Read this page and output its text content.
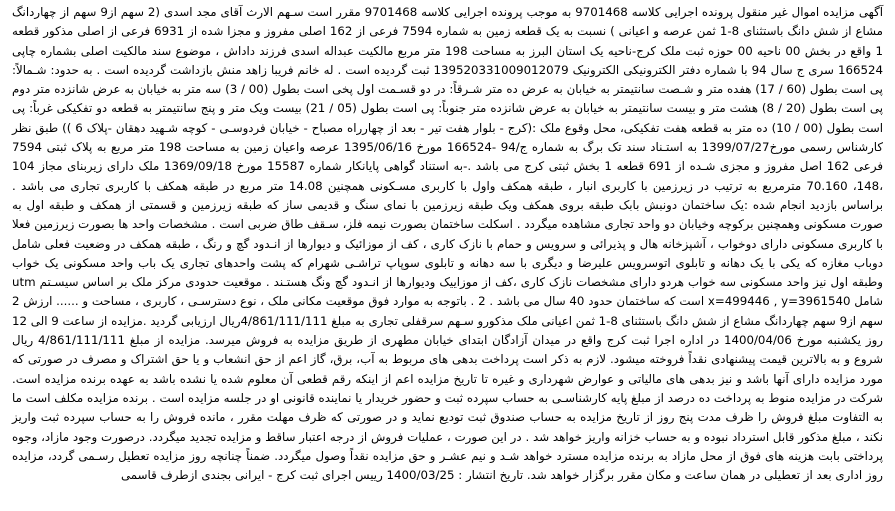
آگهی مزایده اموال غیر منقول پرونده اجرایی کلاسه 9701468 به موجب پرونده اجرایی کلاسه 9701468 مقرر است سـهم الارث آقای مجد اسدی (2 سهم از9 سهم از چهاردانگ مشاع از شش دانگ باستثنای 8-1 ثمن عرصه و اعیانی ) نسبت به یک قطعه زمین به شماره 7594 فرعی از 162 اصلی مفروز و مجزا شده از 6931 فرعی از اصلی مذکور قطعه 1 واقع در بخش 00 ناحیه 00 حوزه ثبت ملک کرج-ناحیه یک استان البرز به مساحت 198 متر مربع مالکیت عبداله اسدی فرزند داداش ، موضوع سند مالکیت اصلی بشماره چاپی 166524 سری ج سال 94 با شماره دفتر الکترونیکی الکترونیک 139520331009012079 ثبت گردیده است . له خانم فریبا زاهد منش بازداشت گردیده است . به حدود: شـمالاً: پی است بطول (60 / 17) هفده متر و شـصت سانتیمتر به خیابان به عرض ده متر شـرقاً: در دو قسـمت اول پخی است بطول (00 / 3) سه متر به خیابان به عرض شانزده متر دوم پی است بطول (20 / 8) هشت متر و بیست سانتیمتر به خیابان به عرض شانزده متر جنوباً: پی است بطول (05 / 21) بیست ویک متر و پنج سانتیمتر به قطعه دو تفکیکی غرباً: پی است بطول (00 / 10) ده متر به قطعه هفت تفکیکی، محل وقوع ملک :(کرج - بلوار هفت تیر - بعد از چهارراه مصباح - خیابان فردوسـی - کوچه شـهید دهقان -پلاک 6 )) طبق نظر کارشناس رسمی مورخ1399/07/27 به استـناد سند تک برگ به شماره ج/94 -166524 مورخ 1395/06/16 عرصه واعیان زمین به مساحت 198 متر مربع به پلاک ثبتی 7594 فرعی 162 اصل مفروز و مجزی شـده از 691 قطعه 1 بخش ثبتی کرج می باشد .-به استناد گواهی پایانکار شماره 15587 مورخ 1369/09/18 ملک دارای زیربنای مجاز 104 ،148، 70.160 مترمربع به ترتیب در زیرزمین با کاربری انبار ، طبقه همکف واول با کاربری مسـکونی همچنین 14.08 متر مربع در طبقه همکف با کاربری تجاری می باشد . براساس بازدید انجام شده :یک ساختمان دونبش بابک طبقه بروی همکف ویک طبقه زیرزمین با نمای سنگ و قدیمی ساز که طبقه زیرزمین و قسمتی از همکف و طبقه اول به صورت مسکونی وهمچنین برکوچه وخیابان دو واحد تجاری مشاهده میگردد . اسکلت ساختمان بصورت نیمه فلز، سـقف طاق ضربی است . مشخصات واحد ها بصورت زیرزمین فعلا با کاربری مسکونی دارای دوخواب ، آشپزخانه هال و پذیرائی و سرویس و حمام با نازک کاری ، کف از موزائیک و دیوارها از انـدود گچ و رنگ ، طبقه همکف در وضعیت فعلی شامل دوباب مغازه که یکی با یک دهانه و تابلوی اتوسرویس علیرضا و دیگری با سه دهانه و تابلوی سوپاپ تراشـی شهرام که پشت واحدهای تجاری یک باب واحد مسکونی یک خواب وطبقه اول نیز واحد مسکونی سه خواب هردو دارای مشخصات نازک کاری ،کف از موزاییک ودیوارها از انـدود گچ ونگ هستـند . موقعیت حدودی مرکز ملک بر اساس سیسـتم utm شامل x=499446 , y=3961540 است که ساختمان حدود 40 سال می باشد . 2 . باتوجه به موارد فوق موقعیت مکانی ملک ، نوع دسترسـی ، کاربری ، مساحت و ...... ارزش 2 سهم از9 سهم چهاردانگ مشاع از شش دانگ باستثنای 8-1 ثمن اعیانی ملک مذکورو سـهم سرقفلی تجاری به مبلغ 4/861/111/111ریال ارزیابی گردید .مزایده از ساعت 9 الی 12 روز یکشنبه مورخ 1400/04/06 در اداره اجرا ثبت کرج واقع در میدان آزادگان ابتدای خیابان مطهری از طریق مزایده به فروش میرسد. مزایده از مبلغ 4/861/111/111 ریال شروع و به بالاترین قیمت پیشنهادی نقداً فروخته میشود. لازم به ذکر است پرداخت بدهی های مربوط به آب، برق، گاز اعم از حق انشعاب و یا حق اشتراک و مصرف در صورتی که مورد مزایده دارای آنها باشد و نیز بدهی های مالیاتی و عوارض شهرداری و غیره تا تاریخ مزایده اعم از اینکه رقم قطعی آن معلوم شده یا نشده باشد به عهده برنده مزایده است. شرکت در مزایده منوط به پرداخت ده درصد از مبلغ پایه کارشناسـی به حساب سپرده ثبت و حضور خریدار یا نماینده قانونی او در جلسه مزایده است . برنده مزایده مکلف است ما به التفاوت مبلغ فروش را ظرف مدت پنج روز از تاریخ مزایده به حساب صندوق ثبت توديع نمايد و در صورتی که ظرف مهلت مقرر ، مانده فروش را به حساب سپرده ثبت واریز نکند ، مبلغ مذکور قابل استرداد نبوده و به حساب خزانه واریز خواهد شد . در این صورت ، عملیات فروش از درجه اعتبار ساقط و مزایده تجدید میگردد. درصورت وجود مازاد، وجوه پرداختی بابت هزینه های فوق از محل مازاد به برنده مزایده مسترد خواهد شـد و نیم عشـر و حق مزایده نقداً وصول میگردد. ضمناً چنانچه روز مزایده تعطیل رسـمی گردد، مزایده روز اداری بعد از تعطیلی در همان ساعت و مکان مقرر برگزار خواهد شد. تاریخ انتشار : 1400/03/25 رییس اجرای ثبت کرج - ایرانی بجندی ازطرف قاسمی
